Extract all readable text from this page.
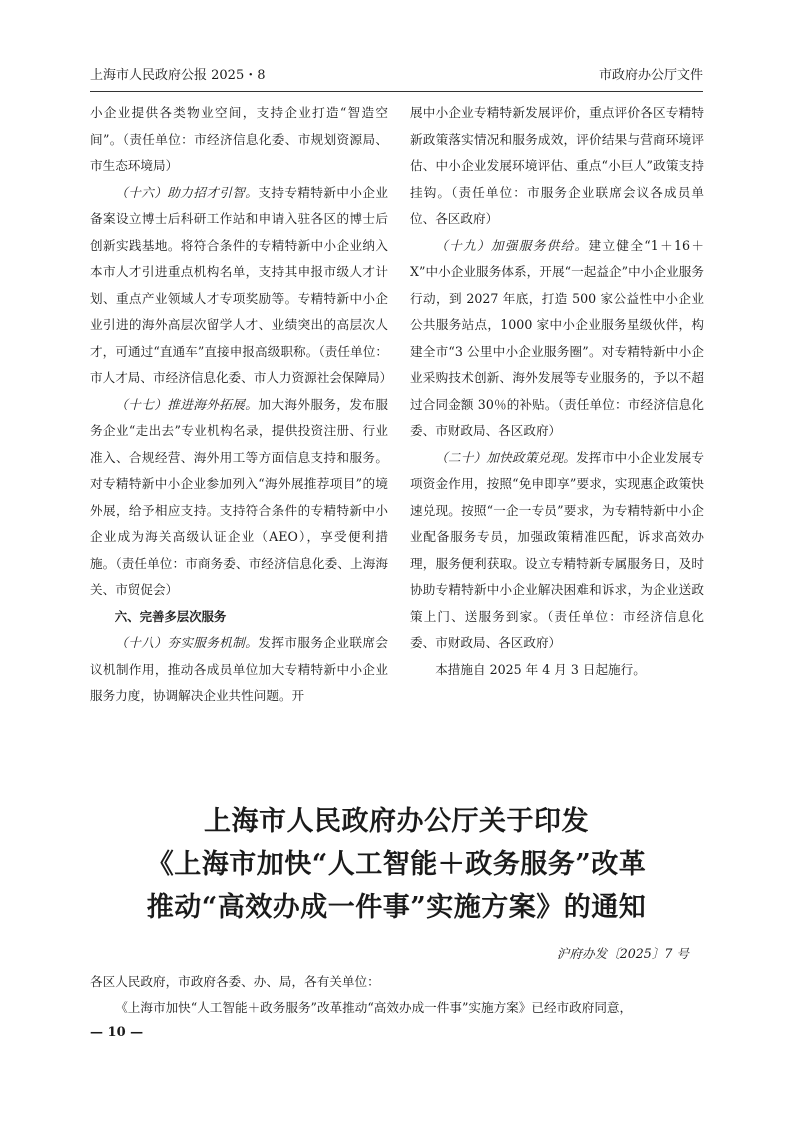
上海市人民政府公报 2025・8	市政府办公厅文件

小企业提供各类物业空间，支持企业打造“智造空间”。（责任单位：市经济信息化委、市规划资源局、市生态环境局）

（十六）助力招才引智。支持专精特新中小企业备案设立博士后科研工作站和申请入驻各区的博士后创新实践基地。将符合条件的专精特新中小企业纳入本市人才引进重点机构名单，支持其申报市级人才计划、重点产业领域人才专项奖励等。专精特新中小企业引进的海外高层次留学人才、业绩突出的高层次人才，可通过“直通车”直接申报高级职称。（责任单位：市人才局、市经济信息化委、市人力资源社会保障局）

（十七）推进海外拓展。加大海外服务，发布服务企业“走出去”专业机构名录，提供投资注册、行业准入、合规经营、海外用工等方面信息支持和服务。对专精特新中小企业参加列入“海外展推荐项目”的境外展，给予相应支持。支持符合条件的专精特新中小企业成为海关高级认证企业（AEO），享受便利措施。（责任单位：市商务委、市经济信息化委、上海海关、市贸促会）

六、完善多层次服务

（十八）夯实服务机制。发挥市服务企业联席会议机制作用，推动各成员单位加大专精特新中小企业服务力度，协调解决企业共性问题。开

展中小企业专精特新发展评价，重点评价各区专精特新政策落实情况和服务成效，评价结果与营商环境评估、中小企业发展环境评估、重点“小巨人”政策支持挂钩。（责任单位：市服务企业联席会议各成员单位、各区政府）

（十九）加强服务供给。建立健全“1＋16＋X”中小企业服务体系，开展“一起益企”中小企业服务行动，到 2027 年底，打造 500 家公益性中小企业公共服务站点，1000 家中小企业服务星级伙伴，构建全市“3 公里中小企业服务圈”。对专精特新中小企业采购技术创新、海外发展等专业服务的，予以不超过合同金额 30％的补贴。（责任单位：市经济信息化委、市财政局、各区政府）

（二十）加快政策兑现。发挥市中小企业发展专项资金作用，按照“免申即享”要求，实现惠企政策快速兑现。按照“一企一专员”要求，为专精特新中小企业配备服务专员，加强政策精准匹配，诉求高效办理，服务便利获取。设立专精特新专属服务日，及时协助专精特新中小企业解决困难和诉求，为企业送政策上门、送服务到家。（责任单位：市经济信息化委、市财政局、各区政府）

本措施自 2025 年 4 月 3 日起施行。

上海市人民政府办公厅关于印发
《上海市加快“人工智能＋政务服务”改革
推动“高效办成一件事”实施方案》的通知
沪府办发〔2025〕7 号
各区人民政府，市政府各委、办、局，各有关单位：
《上海市加快“人工智能＋政务服务”改革推动“高效办成一件事”实施方案》已经市政府同意，
— 10 —
